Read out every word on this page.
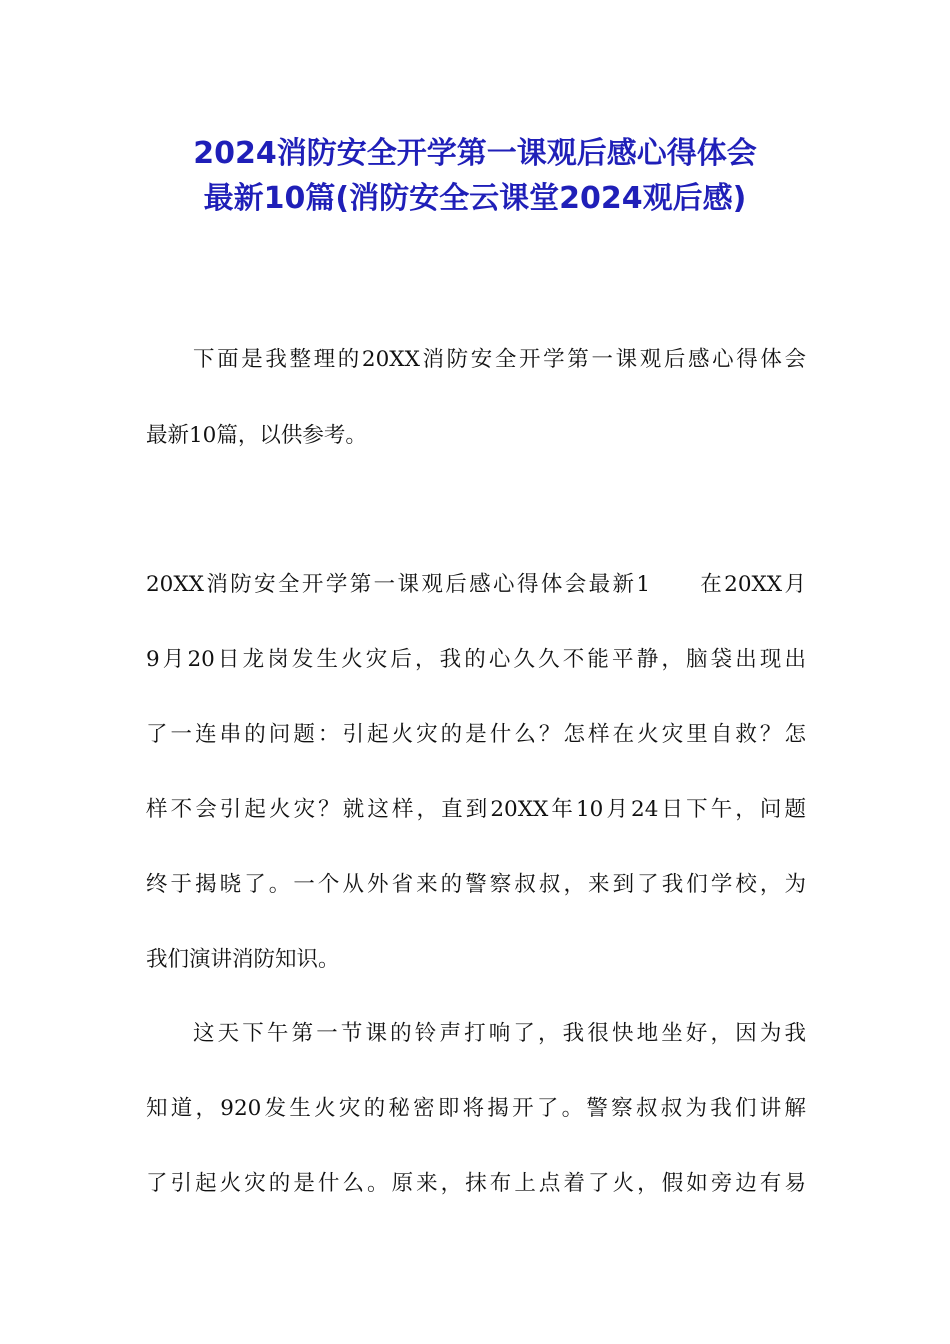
2024消防安全开学第一课观后感心得体会
最新10篇(消防安全云课堂2024观后感)
下面是我整理的20XX消防安全开学第一课观后感心得体会
最新10篇，以供参考。
20XX消防安全开学第一课观后感心得体会最新1　　在20XX月
9月20日龙岗发生火灾后，我的心久久不能平静，脑袋出现出
了一连串的问题：引起火灾的是什么？怎样在火灾里自救？怎
样不会引起火灾？就这样，直到20XX年10月24日下午，问题
终于揭晓了。一个从外省来的警察叔叔，来到了我们学校，为
我们演讲消防知识。
这天下午第一节课的铃声打响了，我很快地坐好，因为我
知道，920发生火灾的秘密即将揭开了。警察叔叔为我们讲解
了引起火灾的是什么。原来，抹布上点着了火，假如旁边有易
